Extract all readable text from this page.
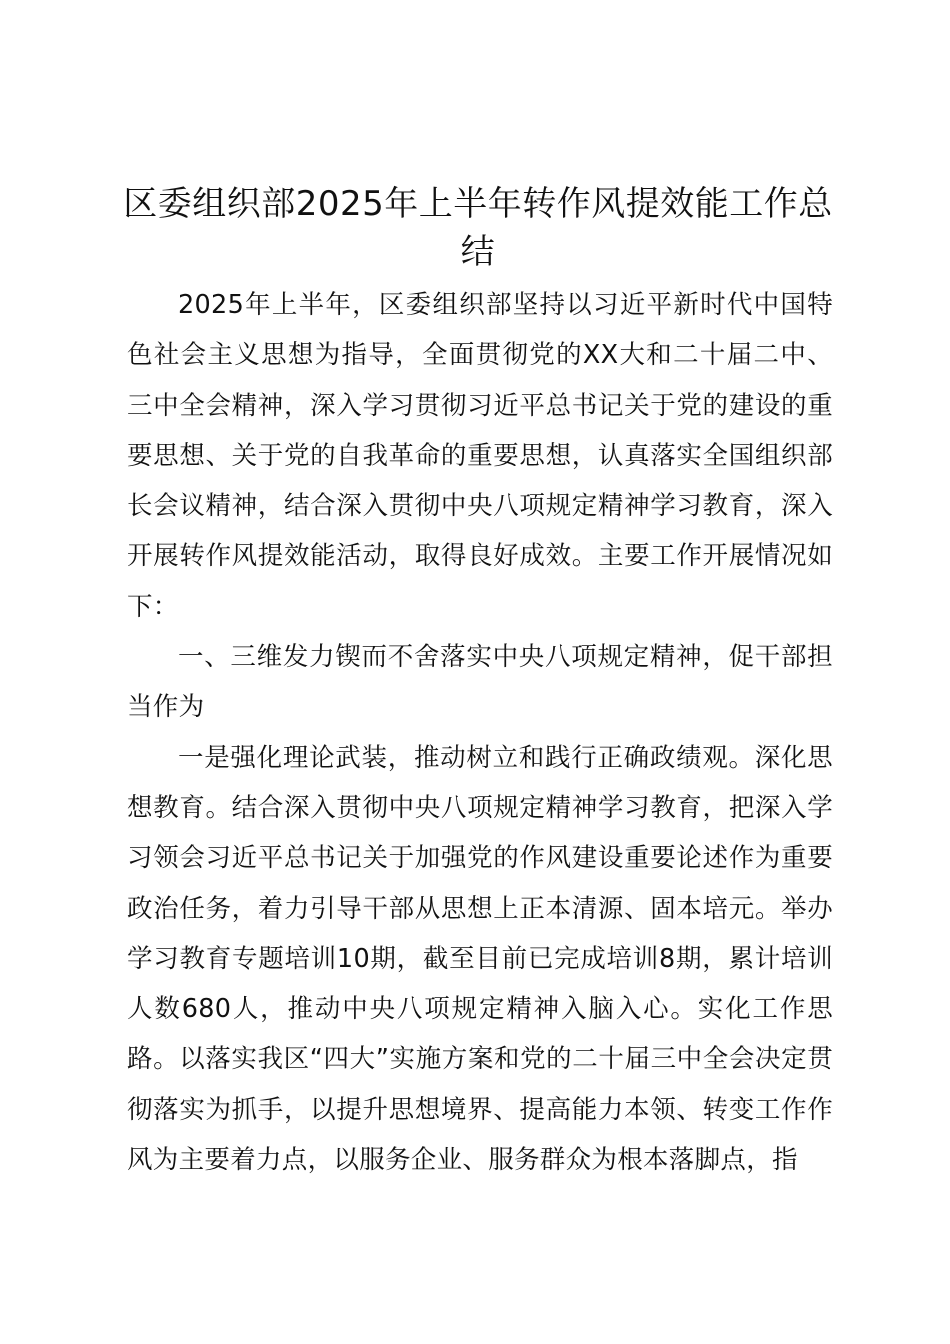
区委组织部2025年上半年转作风提效能工作总结

2025年上半年，区委组织部坚持以习近平新时代中国特色社会主义思想为指导，全面贯彻党的XX大和二十届二中、三中全会精神，深入学习贯彻习近平总书记关于党的建设的重要思想、关于党的自我革命的重要思想，认真落实全国组织部长会议精神，结合深入贯彻中央八项规定精神学习教育，深入开展转作风提效能活动，取得良好成效。主要工作开展情况如下：

一、三维发力锲而不舍落实中央八项规定精神，促干部担当作为

一是强化理论武装，推动树立和践行正确政绩观。深化思想教育。结合深入贯彻中央八项规定精神学习教育，把深入学习领会习近平总书记关于加强党的作风建设重要论述作为重要政治任务，着力引导干部从思想上正本清源、固本培元。举办学习教育专题培训10期，截至目前已完成培训8期，累计培训人数680人，推动中央八项规定精神入脑入心。实化工作思路。以落实我区“四大”实施方案和党的二十届三中全会决定贯彻落实为抓手，以提升思想境界、提高能力本领、转变工作作风为主要着力点，以服务企业、服务群众为根本落脚点，指
